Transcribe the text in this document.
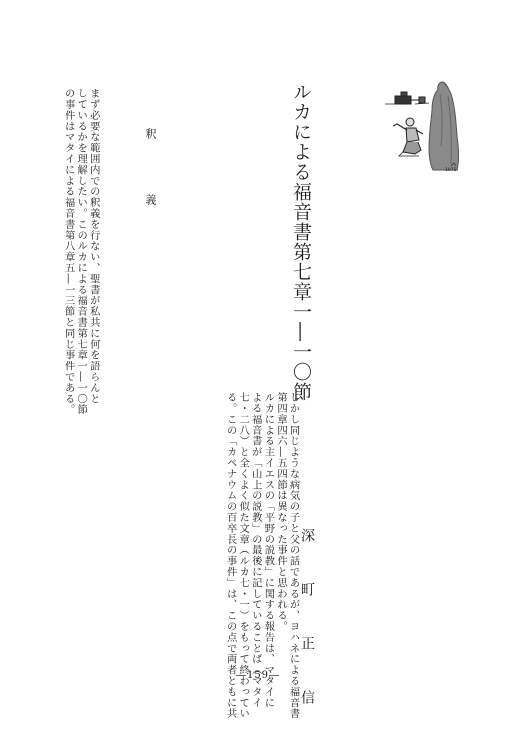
ルカによる福音書第七章一―一〇節
深　町　正　信
釈　義
まず必要な範囲内での釈義を行ない、聖書が私共に何を語らんと
しているかを理解したい。このルカによる福音書第七章一―一〇節
の事件はマタイによる福音書第八章五―一三節と同じ事件である。
しかし同じような病気の子と父の話であるが、ヨハネによる福音書
第四章四六―五四節は異なった事件と思われる。
ルカによる主イエスの「平野の説教」に関する報告は、マタイに
よる福音書が「山上の説教」の最後に記していることば（マタイ
七・二八）と全くよく似た文章（ルカ七・一）をもって終わってい
る。この「カペナウムの百卒長の事件」は、この点で両者ともに共
1975.
―159―
